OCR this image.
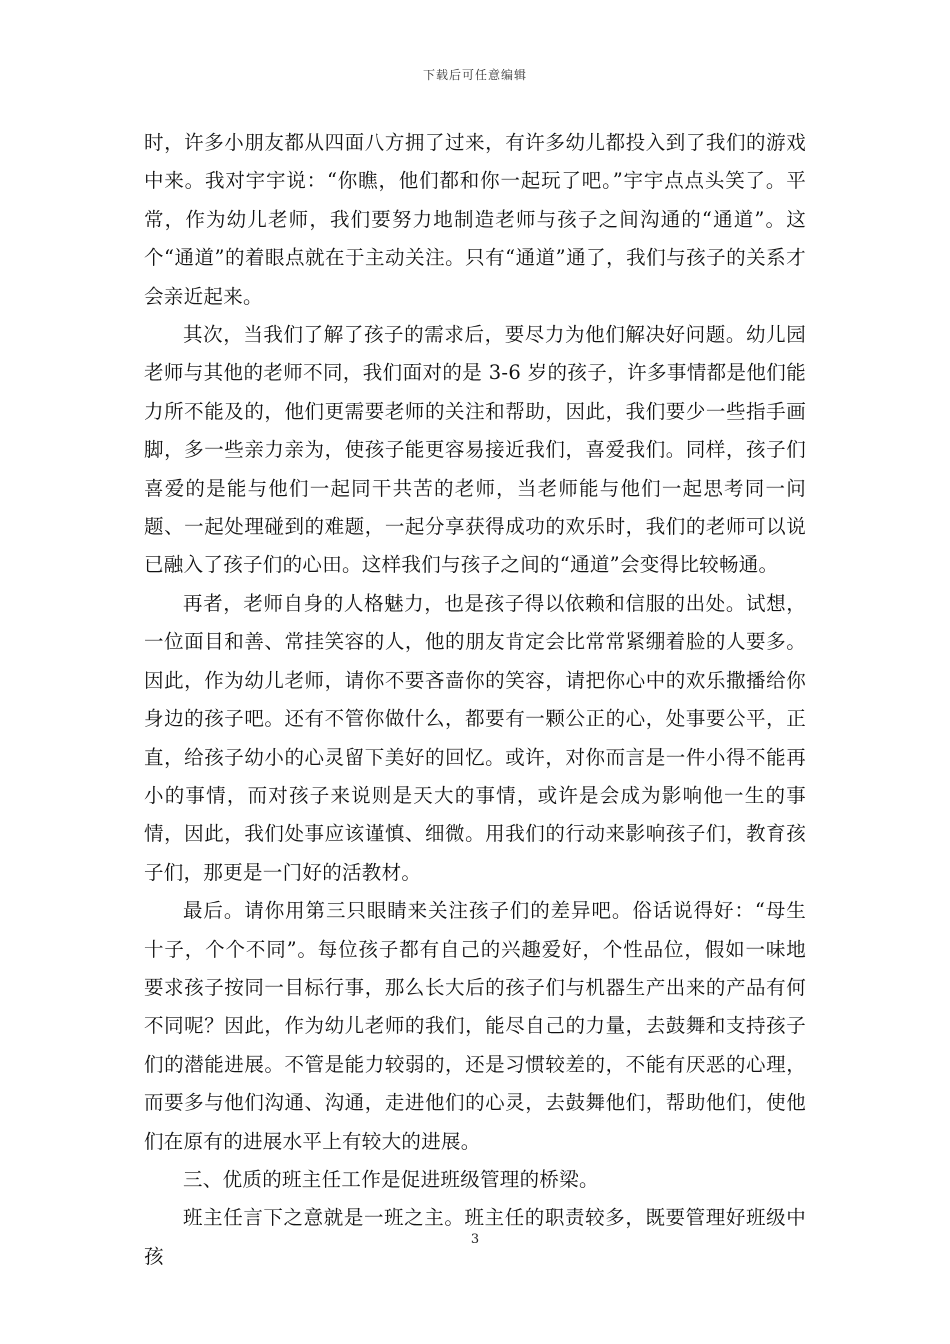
下载后可任意编辑

时，许多小朋友都从四面八方拥了过来，有许多幼儿都投入到了我们的游戏中来。我对宇宇说：“你瞧，他们都和你一起玩了吧。”宇宇点点头笑了。平常，作为幼儿老师，我们要努力地制造老师与孩子之间沟通的“通道”。这个“通道”的着眼点就在于主动关注。只有“通道”通了，我们与孩子的关系才会亲近起来。

其次，当我们了解了孩子的需求后，要尽力为他们解决好问题。幼儿园老师与其他的老师不同，我们面对的是 3-6 岁的孩子，许多事情都是他们能力所不能及的，他们更需要老师的关注和帮助，因此，我们要少一些指手画脚，多一些亲力亲为，使孩子能更容易接近我们，喜爱我们。同样，孩子们喜爱的是能与他们一起同干共苦的老师，当老师能与他们一起思考同一问题、一起处理碰到的难题，一起分享获得成功的欢乐时，我们的老师可以说已融入了孩子们的心田。这样我们与孩子之间的“通道”会变得比较畅通。

再者，老师自身的人格魅力，也是孩子得以依赖和信服的出处。试想，一位面目和善、常挂笑容的人，他的朋友肯定会比常常紧绷着脸的人要多。因此，作为幼儿老师，请你不要吝啬你的笑容，请把你心中的欢乐撒播给你身边的孩子吧。还有不管你做什么，都要有一颗公正的心，处事要公平，正直，给孩子幼小的心灵留下美好的回忆。或许，对你而言是一件小得不能再小的事情，而对孩子来说则是天大的事情，或许是会成为影响他一生的事情，因此，我们处事应该谨慎、细微。用我们的行动来影响孩子们，教育孩子们，那更是一门好的活教材。

最后。请你用第三只眼睛来关注孩子们的差异吧。俗话说得好：“母生十子，个个不同”。每位孩子都有自己的兴趣爱好，个性品位，假如一味地要求孩子按同一目标行事，那么长大后的孩子们与机器生产出来的产品有何不同呢？因此，作为幼儿老师的我们，能尽自己的力量，去鼓舞和支持孩子们的潜能进展。不管是能力较弱的，还是习惯较差的，不能有厌恶的心理，而要多与他们沟通、沟通，走进他们的心灵，去鼓舞他们，帮助他们，使他们在原有的进展水平上有较大的进展。

三、优质的班主任工作是促进班级管理的桥梁。

班主任言下之意就是一班之主。班主任的职责较多，既要管理好班级中孩

3
